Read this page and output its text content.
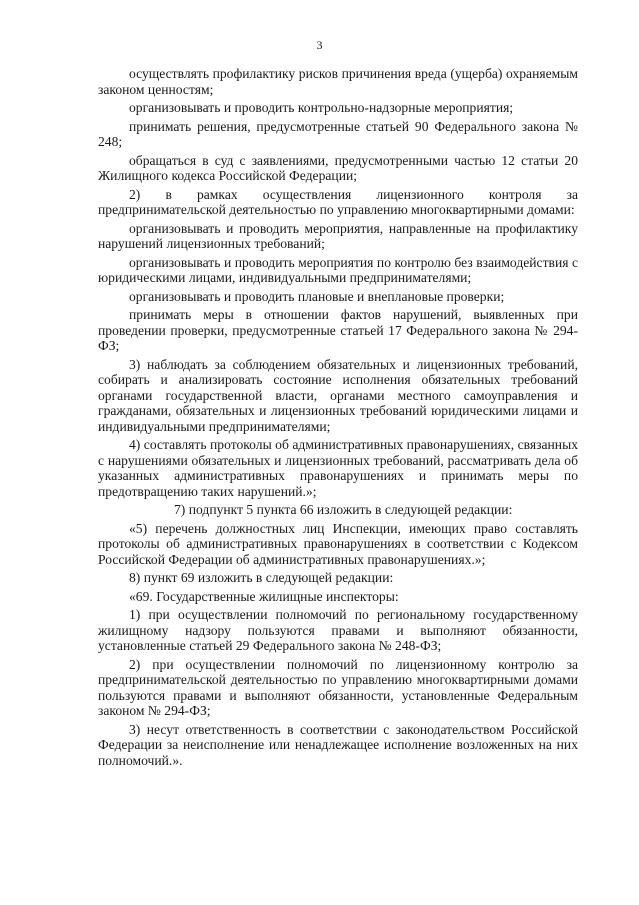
3

осуществлять профилактику рисков причинения вреда (ущерба) охраняемым законом ценностям;

организовывать и проводить контрольно-надзорные мероприятия;

принимать решения, предусмотренные статьей 90 Федерального закона № 248;

обращаться в суд с заявлениями, предусмотренными частью 12 статьи 20 Жилищного кодекса Российской Федерации;

2) в рамках осуществления лицензионного контроля за предпринимательской деятельностью по управлению многоквартирными домами:

организовывать и проводить мероприятия, направленные на профилактику нарушений лицензионных требований;

организовывать и проводить мероприятия по контролю без взаимодействия с юридическими лицами, индивидуальными предпринимателями;

организовывать и проводить плановые и внеплановые проверки;

принимать меры в отношении фактов нарушений, выявленных при проведении проверки, предусмотренные статьей 17 Федерального закона № 294-ФЗ;

3) наблюдать за соблюдением обязательных и лицензионных требований, собирать и анализировать состояние исполнения обязательных требований органами государственной власти, органами местного самоуправления и гражданами, обязательных и лицензионных требований юридическими лицами и индивидуальными предпринимателями;

4) составлять протоколы об административных правонарушениях, связанных с нарушениями обязательных и лицензионных требований, рассматривать дела об указанных административных правонарушениях и принимать меры по предотвращению таких нарушений.»;

7) подпункт 5 пункта 66 изложить в следующей редакции:

«5) перечень должностных лиц Инспекции, имеющих право составлять протоколы об административных правонарушениях в соответствии с Кодексом Российской Федерации об административных правонарушениях.»;

8) пункт 69 изложить в следующей редакции:

«69. Государственные жилищные инспекторы:

1) при осуществлении полномочий по региональному государственному жилищному надзору пользуются правами и выполняют обязанности, установленные статьей 29 Федерального закона № 248-ФЗ;

2) при осуществлении полномочий по лицензионному контролю за предпринимательской деятельностью по управлению многоквартирными домами пользуются правами и выполняют обязанности, установленные Федеральным законом № 294-ФЗ;

3) несут ответственность в соответствии с законодательством Российской Федерации за неисполнение или ненадлежащее исполнение возложенных на них полномочий.».
